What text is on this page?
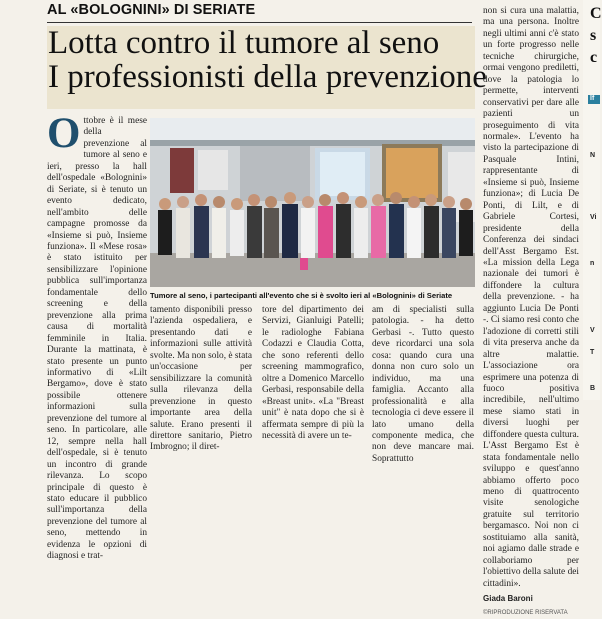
AL «BOLOGNINI» DI SERIATE
Lotta contro il tumore al seno
I professionisti della prevenzione
O ttobre è il mese della prevenzione al tumore al seno e ieri, presso la hall dell'ospedale «Bolognini» di Seriate, si è tenuto un evento dedicato, nell'ambito delle campagne promosse da «Insieme si può, Insieme funziona». Il «Mese rosa» è stato istituito per sensibilizzare l'opinione pubblica sull'importanza fondamentale dello screening e della prevenzione alla prima causa di mortalità femminile in Italia. Durante la mattinata, è stato presente un punto informativo di «Lilt Bergamo», dove è stato possibile ottenere informazioni sulla prevenzione del tumore al seno. In particolare, alle 12, sempre nella hall dell'ospedale, si è tenuto un incontro di grande rilevanza. Lo scopo principale di questo è stato educare il pubblico sull'importanza della prevenzione del tumore al seno, mettendo in evidenza le opzioni di diagnosi e trat-

Tumore al seno, i partecipanti all'evento che si è svolto ieri al «Bolognini» di Seriate

tamento disponibili presso l'azienda ospedaliera, e presentando dati e informazioni sulle attività svolte. Ma non solo, è stata un'occasione per sensibilizzare la comunità sulla rilevanza della prevenzione in questo importante area della salute. Erano presenti il direttore sanitario, Pietro Imbrogno; il diret-

tore del dipartimento dei Servizi, Gianluigi Patelli; le radiologhe Fabiana Codazzi e Claudia Cotta, che sono referenti dello screening mammografico, oltre a Domenico Marcello Gerbasi, responsabile della «Breast unit». «La "Breast unit" è nata dopo che si è affermata sempre di più la necessità di avere un te-

am di specialisti sulla patologia. - ha detto Gerbasi -. Tutto questo deve ricordarci una sola cosa: quando cura una donna non curo solo un individuo, ma una famiglia. Accanto alla professionalità e alla tecnologia ci deve essere il lato umano della componente medica, che non deve mancare mai. Soprattutto

non si cura una malattia, ma una persona. Inoltre negli ultimi anni c'è stato un forte progresso nelle tecniche chirurgiche, ormai vengono prediletti, dove la patologia lo permette, interventi conservativi per dare alle pazienti un proseguimento di vita normale». L'evento ha visto la partecipazione di Pasquale Intini, rappresentante di «Insieme si può, Insieme funziona»; di Lucia De Ponti, di Lilt, e di Gabriele Cortesi, presidente della Conferenza dei sindaci dell'Asst Bergamo Est. «La mission della Lega nazionale dei tumori è diffondere la cultura della prevenzione. - ha aggiunto Lucia De Ponti -. Ci siamo resi conto che l'adozione di corretti stili di vita preserva anche da altre malattie. L'associazione ora esprimere una potenza di fuoco positiva incredibile, nell'ultimo mese siamo stati in diversi luoghi per diffondere questa cultura. L'Asst Bergamo Est è stata fondamentale nello sviluppo e quest'anno abbiamo offerto poco meno di quattrocento visite senologiche gratuite sul territorio bergamasco. Noi non ci sostituiamo alla sanità, noi agiamo dalle strade e collaboriamo per l'obiettivo della salute dei cittadini».

Giada Baroni
©RIPRODUZIONE RISERVATA
C
s
c
If
N
Vi
n
V
T
B
